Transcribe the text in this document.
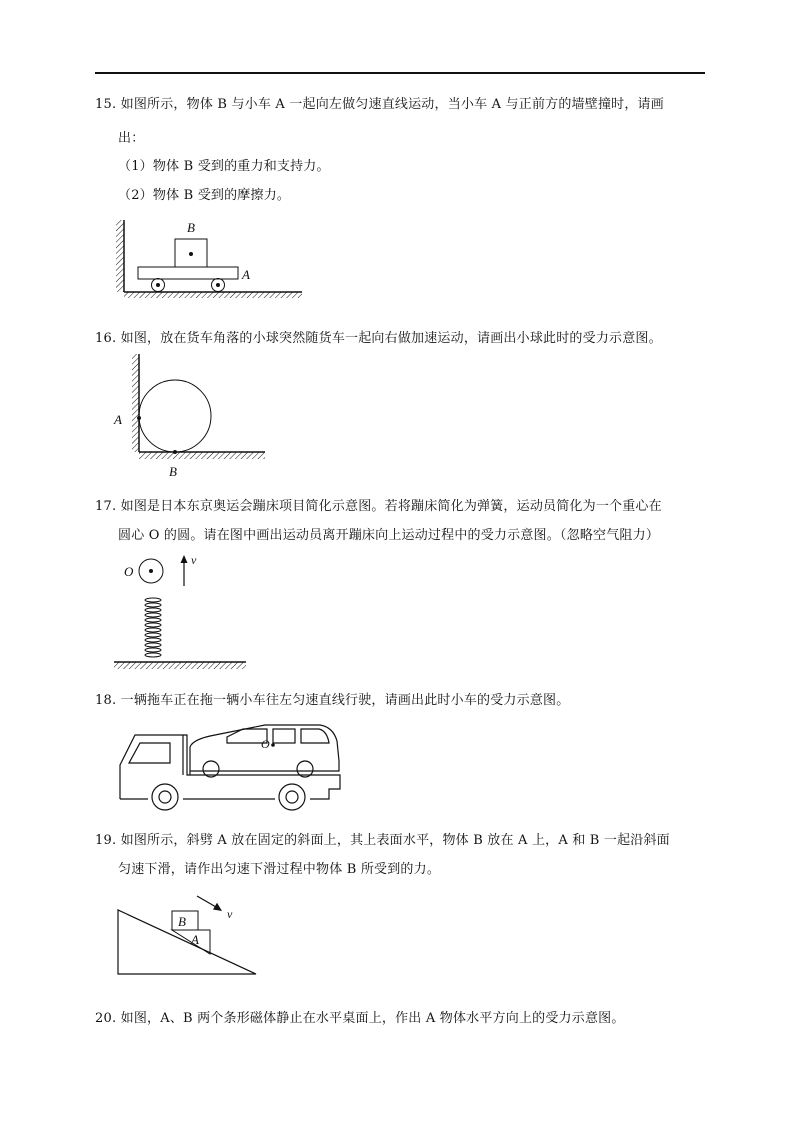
15. 如图所示，物体 B 与小车 A 一起向左做匀速直线运动，当小车 A 与正前方的墙壁撞时，请画
出：
（1）物体 B 受到的重力和支持力。
（2）物体 B 受到的摩擦力。
B
A
16. 如图，放在货车角落的小球突然随货车一起向右做加速运动，请画出小球此时的受力示意图。
A
B
17. 如图是日本东京奥运会蹦床项目简化示意图。若将蹦床简化为弹簧，运动员简化为一个重心在
圆心 O 的圆。请在图中画出运动员离开蹦床向上运动过程中的受力示意图。（忽略空气阻力）
O
v
18. 一辆拖车正在拖一辆小车往左匀速直线行驶，请画出此时小车的受力示意图。
O
19. 如图所示，斜劈 A 放在固定的斜面上，其上表面水平，物体 B 放在 A 上，A 和 B 一起沿斜面
匀速下滑，请作出匀速下滑过程中物体 B 所受到的力。
B
A
v
20. 如图，A、B 两个条形磁体静止在水平桌面上，作出 A 物体水平方向上的受力示意图。
